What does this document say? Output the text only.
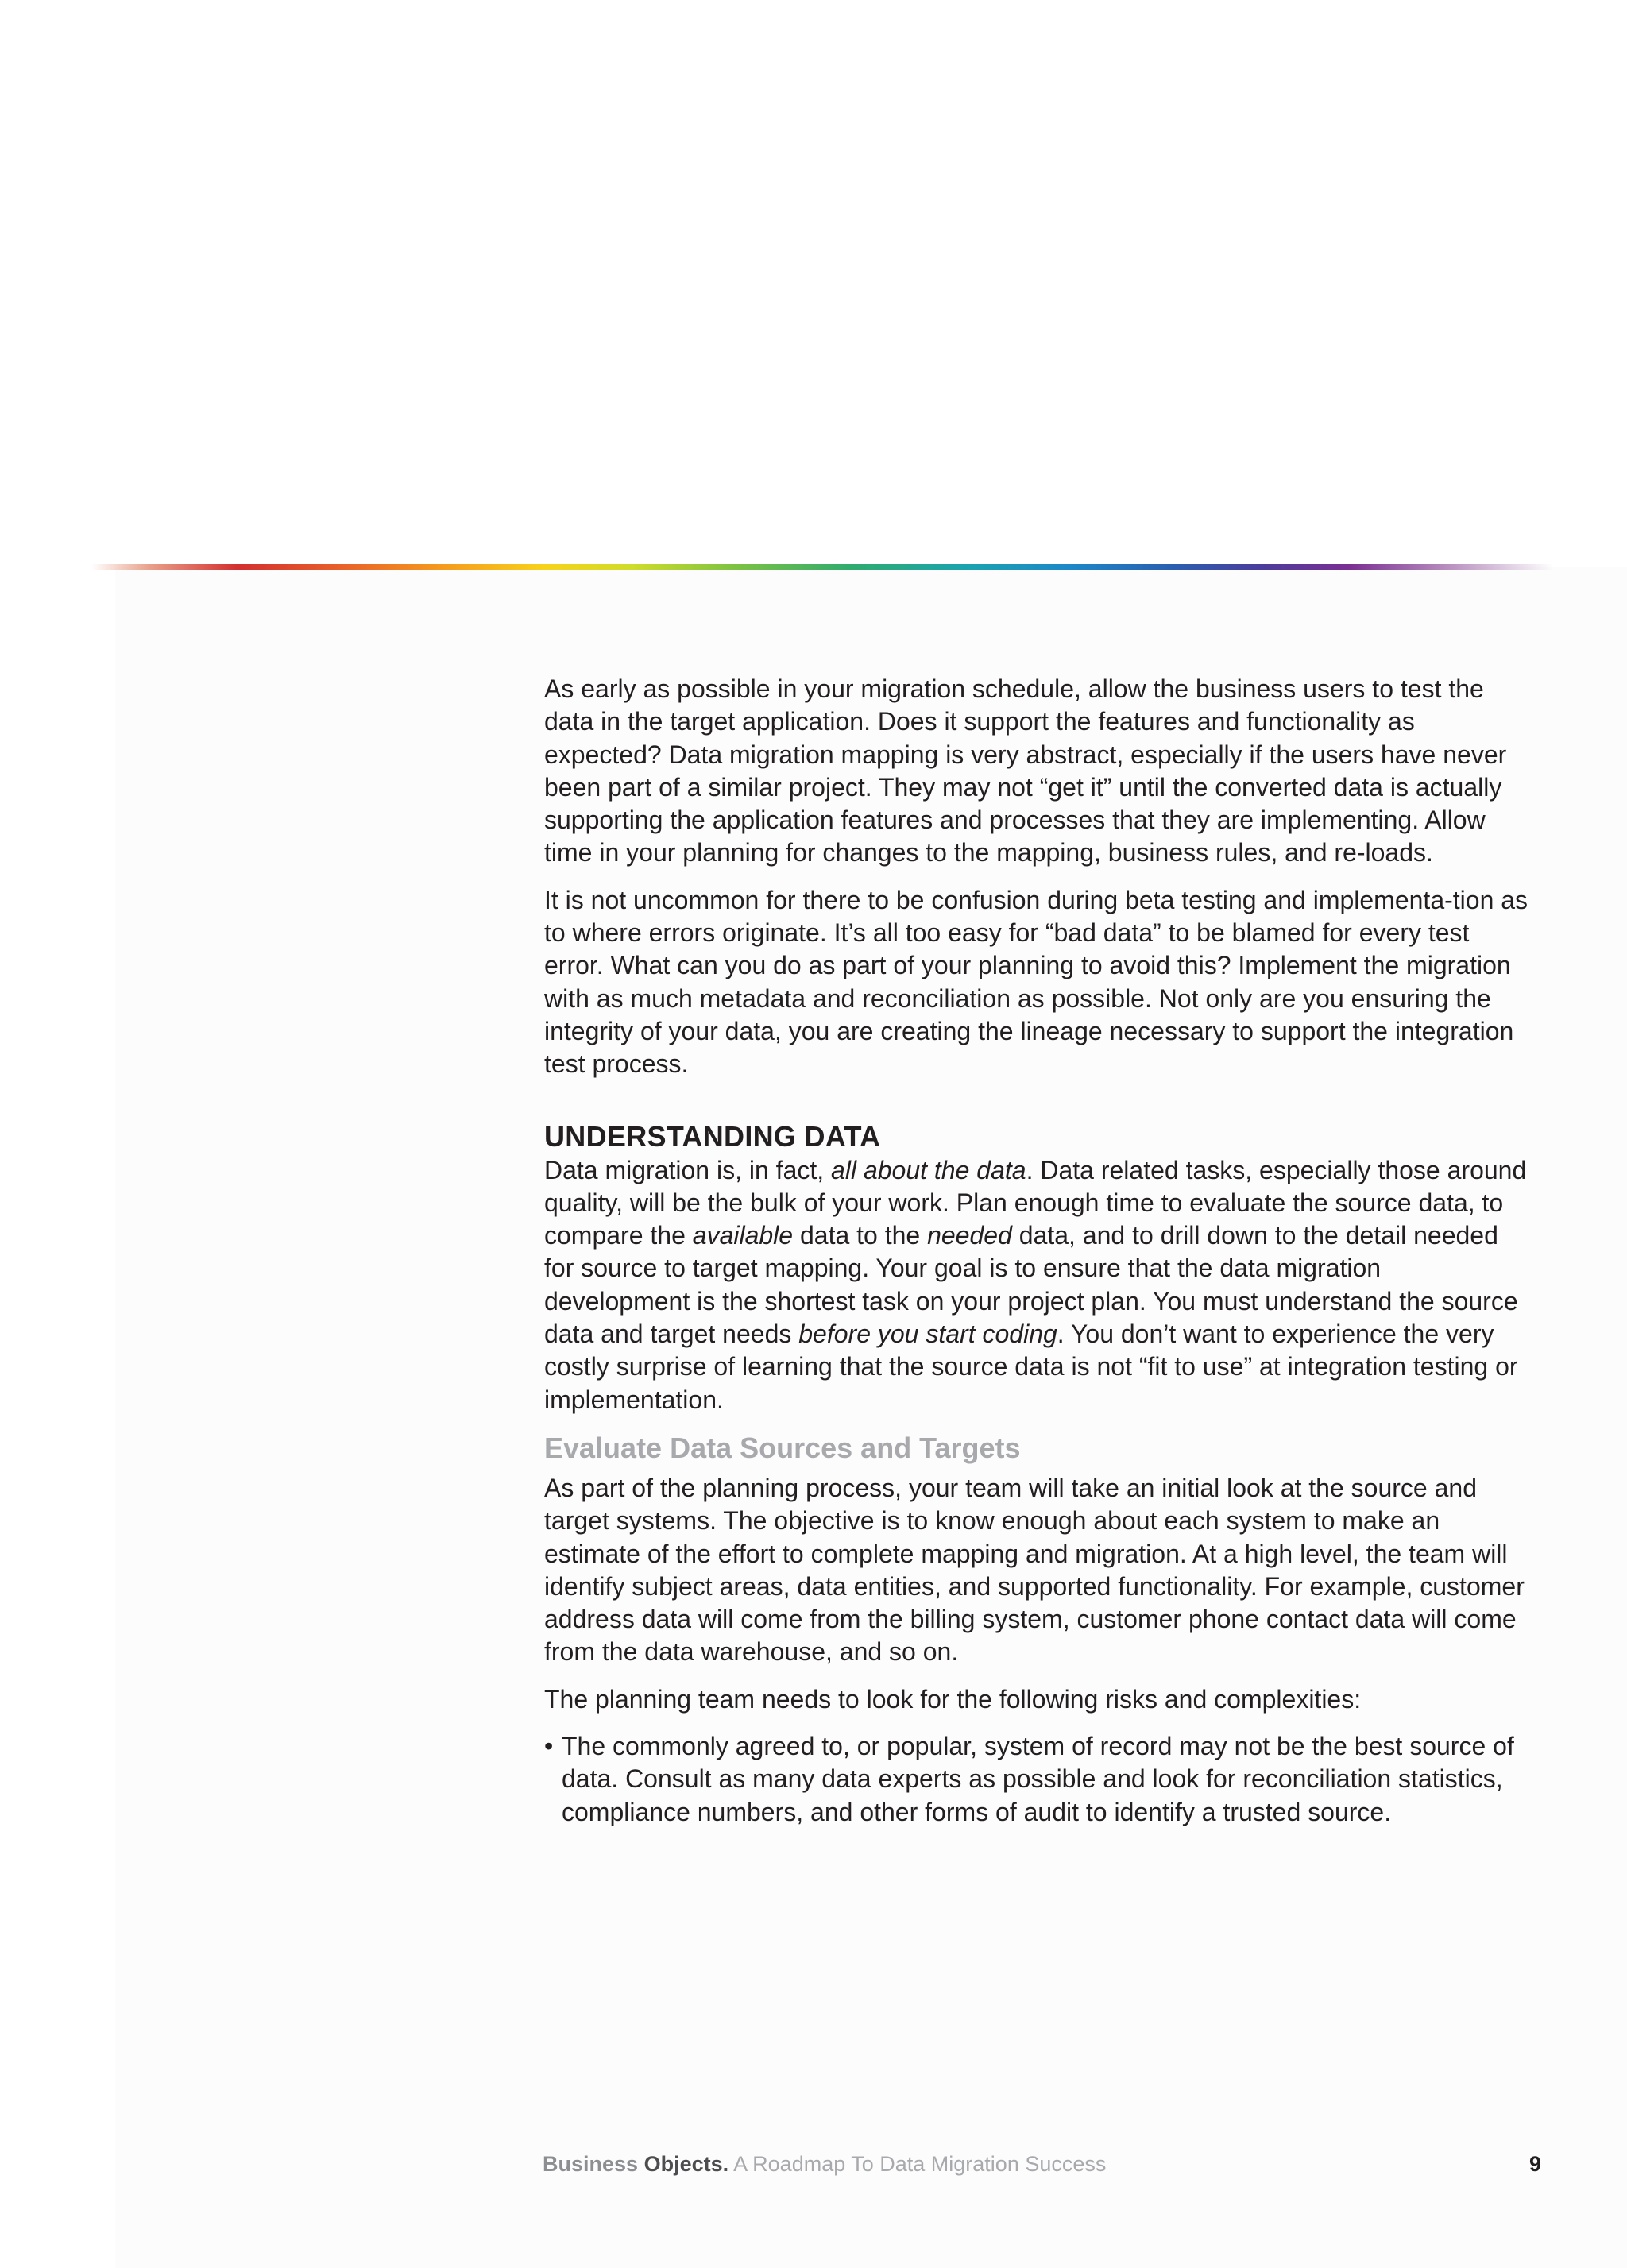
As early as possible in your migration schedule, allow the business users to test the data in the target application. Does it support the features and functionality as expected? Data migration mapping is very abstract, especially if the users have never been part of a similar project. They may not “get it” until the converted data is actually supporting the application features and processes that they are implementing. Allow time in your planning for changes to the mapping, business rules, and re-loads.

It is not uncommon for there to be confusion during beta testing and implementa-tion as to where errors originate. It’s all too easy for “bad data” to be blamed for every test error. What can you do as part of your planning to avoid this? Implement the migration with as much metadata and reconciliation as possible. Not only are you ensuring the integrity of your data, you are creating the lineage necessary to support the integration test process.

UNDERSTANDING DATA

Data migration is, in fact, all about the data. Data related tasks, especially those around quality, will be the bulk of your work. Plan enough time to evaluate the source data, to compare the available data to the needed data, and to drill down to the detail needed for source to target mapping. Your goal is to ensure that the data migration development is the shortest task on your project plan. You must understand the source data and target needs before you start coding. You don’t want to experience the very costly surprise of learning that the source data is not “fit to use” at integration testing or implementation.

Evaluate Data Sources and Targets

As part of the planning process, your team will take an initial look at the source and target systems. The objective is to know enough about each system to make an estimate of the effort to complete mapping and migration. At a high level, the team will identify subject areas, data entities, and supported functionality. For example, customer address data will come from the billing system, customer phone contact data will come from the data warehouse, and so on.

The planning team needs to look for the following risks and complexities:

• The commonly agreed to, or popular, system of record may not be the best source of data. Consult as many data experts as possible and look for reconciliation statistics, compliance numbers, and other forms of audit to identify a trusted source.
Business Objects. A Roadmap To Data Migration Success	9
